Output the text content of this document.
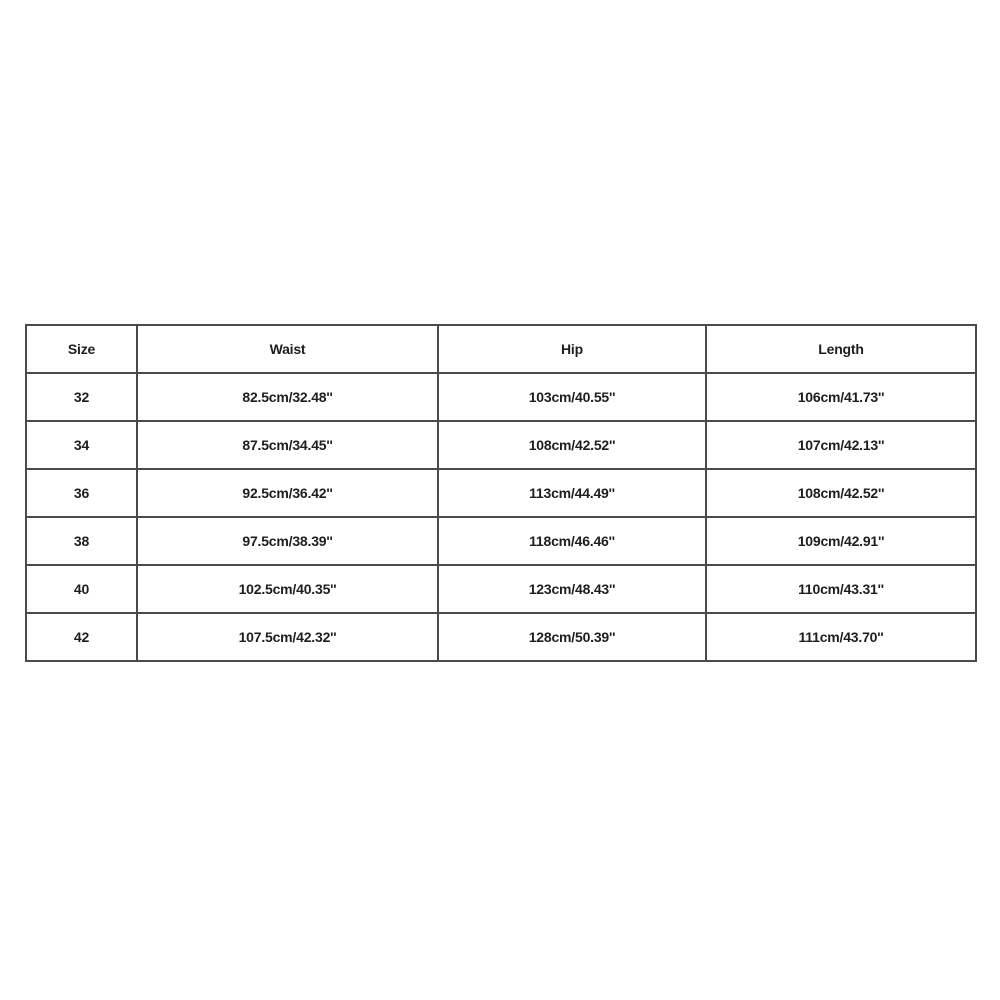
Size	Waist	Hip	Length
32	82.5cm/32.48''	103cm/40.55''	106cm/41.73''
34	87.5cm/34.45''	108cm/42.52''	107cm/42.13''
36	92.5cm/36.42''	113cm/44.49''	108cm/42.52''
38	97.5cm/38.39''	118cm/46.46''	109cm/42.91''
40	102.5cm/40.35''	123cm/48.43''	110cm/43.31''
42	107.5cm/42.32''	128cm/50.39''	111cm/43.70''
